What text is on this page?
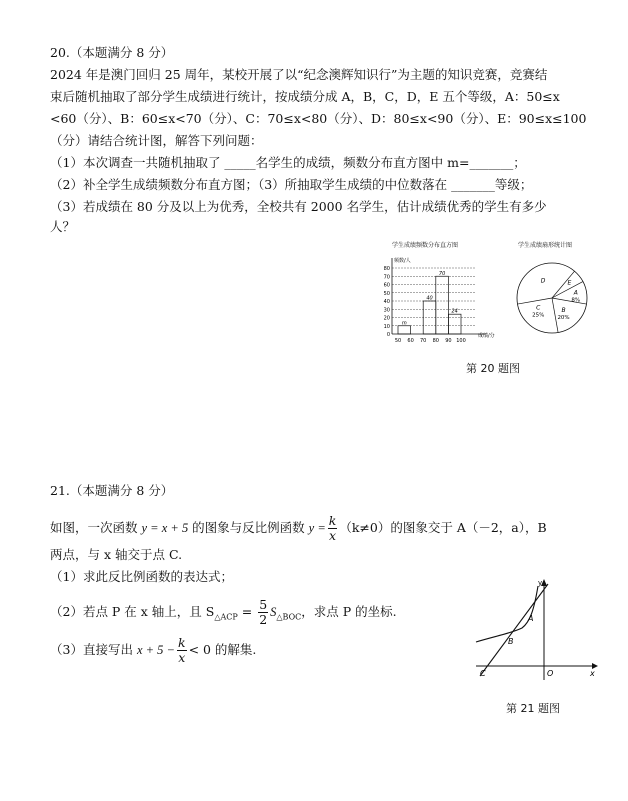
20.（本题满分 8 分）
2024 年是澳门回归 25 周年，某校开展了以“纪念澳辉知识行”为主题的知识竞赛，竞赛结
束后随机抽取了部分学生成绩进行统计，按成绩分成 A，B，C，D，E 五个等级，A：50≤x
<60（分）、B：60≤x<70（分）、C：70≤x<80（分）、D：80≤x<90（分）、E：90≤x≤100
（分）请结合统计图，解答下列问题：
（1）本次调查一共随机抽取了 _____名学生的成绩，频数分布直方图中 m=_______；
（2）补全学生成绩频数分布直方图；（3）所抽取学生成绩的中位数落在 _______等级；
（3）若成绩在 80 分及以上为优秀，全校共有 2000 名学生，估计成绩优秀的学生有多少
人？
学生成绩频数分布直方图
10
20
30
40
50
60
70
80
0
频数/人
成绩/分
50 60 70 80 90 100
m
40
70
24
学生成绩扇形统计图
D	E
A
8%
B
20%
C
25%
第 20 题图
21.（本题满分 8 分）
如图，一次函数 y = x + 5 的图象与反比例函数 $y = \frac{k}{x} (k\ne 0)$的图象交于 A（－2，a），B
两点，与 x 轴交于点 C.
（1）求此反比例函数的表达式；
（2）若点 P 在 x 轴上，且 $S_{\triangle ACP} = \frac{5}{2} S_{\triangle BOC}$，求点 P 的坐标.
（3）直接写出 $x + 5 - \frac{k}{x} < 0$ 的解集.
y
x
A
B
C	O
第 21 题图
